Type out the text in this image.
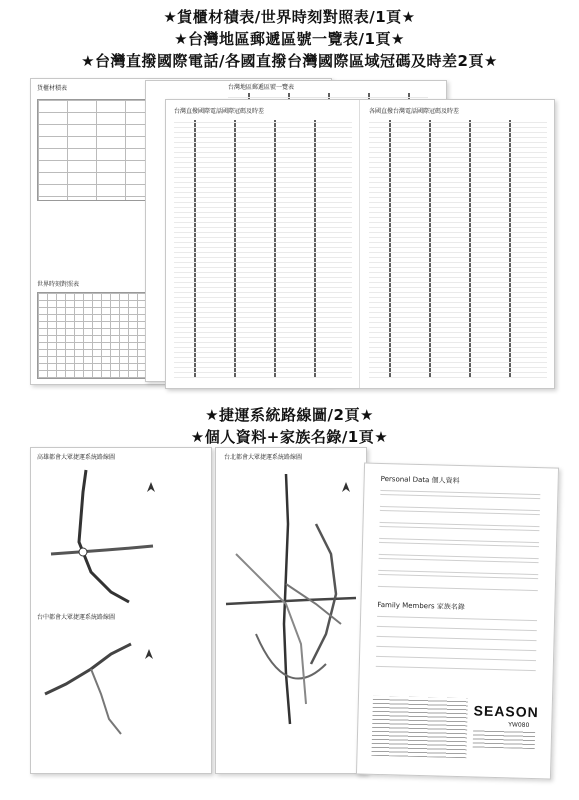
★貨櫃材積表/世界時刻對照表/1頁★
★台灣地區郵遞區號一覽表/1頁★
★台灣直撥國際電話/各國直撥台灣國際區域冠碼及時差2頁★
★捷運系統路線圖/2頁★
★個人資料+家族名錄/1頁★
貨櫃材積表
世界時刻對照表
台灣地區郵遞區號一覽表
台灣直撥國際電話國際冠碼及時差	各國直撥台灣電話國際冠碼及時差
高雄都會大眾捷運系統路線圖
台中都會大眾捷運系統路線圖
台北都會大眾捷運系統路線圖
Personal Data 個人資料
Family Members 家族名錄
SEASON
YW080
